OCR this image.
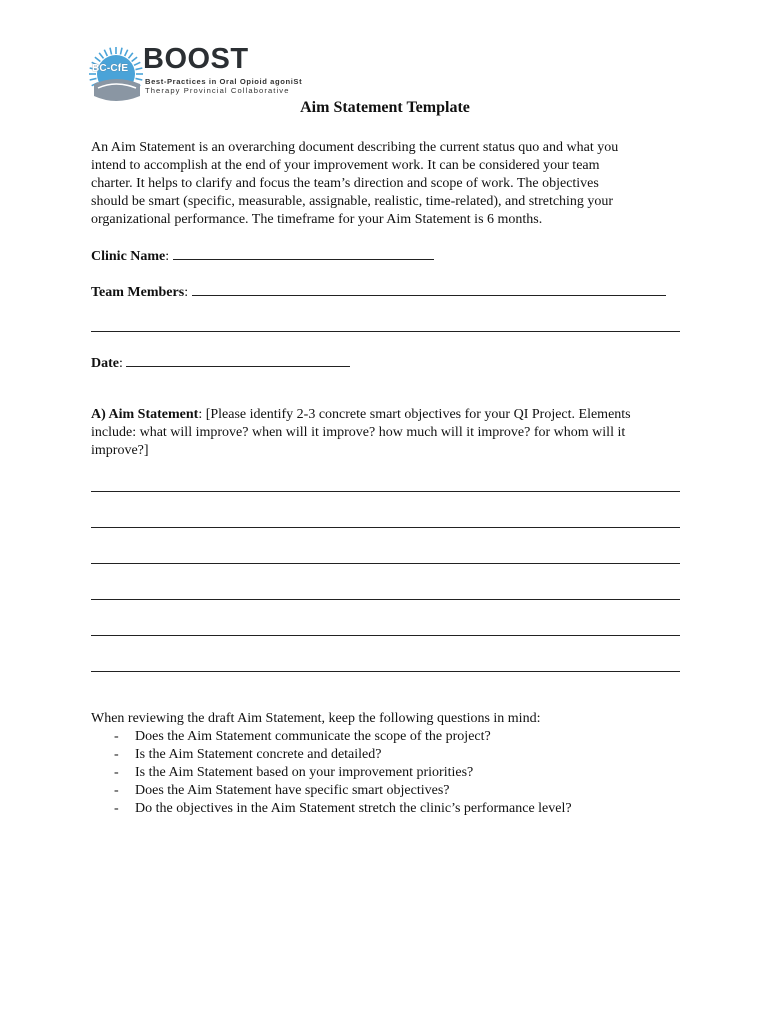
BC-CfE BOOST
Best-Practices in Oral Opioid agoniSt
Therapy Provincial Collaborative
Aim Statement Template
An Aim Statement is an overarching document describing the current status quo and what you
intend to accomplish at the end of your improvement work. It can be considered your team
charter. It helps to clarify and focus the team’s direction and scope of work. The objectives
should be smart (specific, measurable, assignable, realistic, time-related), and stretching your
organizational performance. The timeframe for your Aim Statement is 6 months.
Clinic Name:
Team Members:
Date:
A) Aim Statement: [Please identify 2-3 concrete smart objectives for your QI Project. Elements
include: what will improve? when will it improve? how much will it improve? for whom will it
improve?]
When reviewing the draft Aim Statement, keep the following questions in mind:
- Does the Aim Statement communicate the scope of the project?
- Is the Aim Statement concrete and detailed?
- Is the Aim Statement based on your improvement priorities?
- Does the Aim Statement have specific smart objectives?
- Do the objectives in the Aim Statement stretch the clinic’s performance level?
